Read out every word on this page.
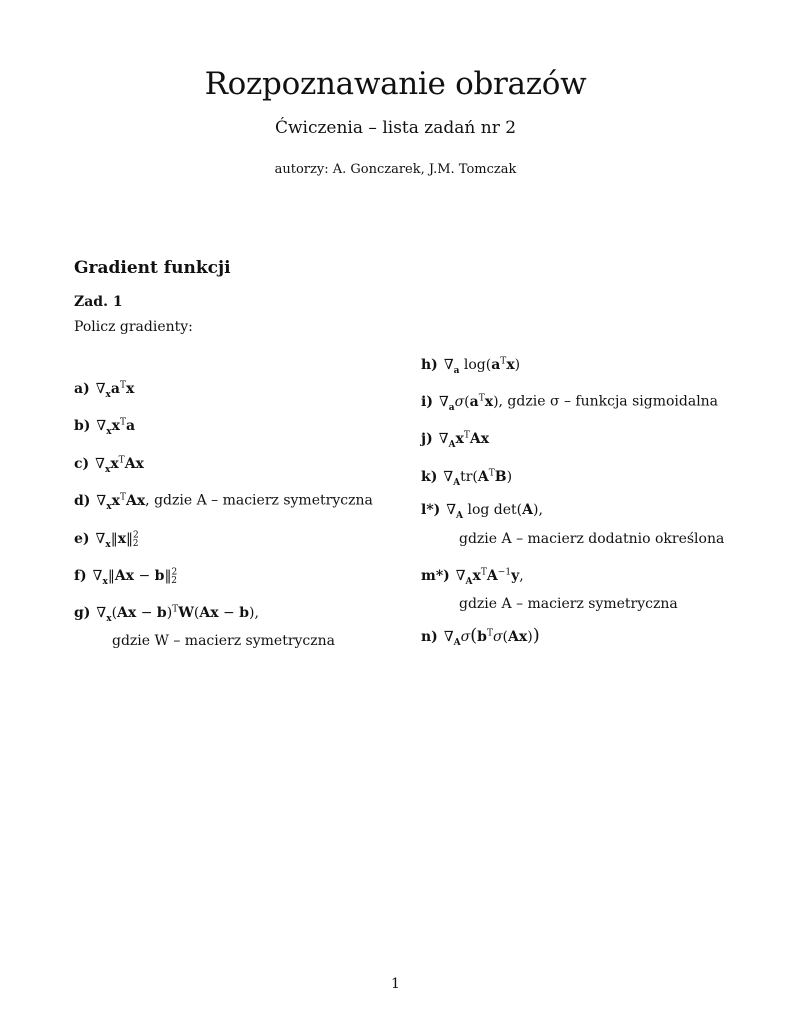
Rozpoznawanie obrazów
Ćwiczenia – lista zadań nr 2
autorzy: A. Gonczarek, J.M. Tomczak
Gradient funkcji
Zad. 1
Policz gradienty:
a) $\nabla_xa^Tx$
b) $\nabla_xx^Ta$
c) $\nabla_xx^TAx$
d) $\nabla_xx^TAx$, gdzie A – macierz symetryczna
e) $\nabla_x‖x‖^2_2$
f) $\nabla_x‖Ax$ − b‖$^2_2$
g) $\nabla_x(Ax - b)^TW(Ax - b)$,
gdzie W – macierz symetryczna
h) $\nabla_a$ $\log(a^Tx)$
i) $\nabla_a\sigma(a^Tx)$, gdzie σ – funkcja sigmoidalna
j) $\nabla_Ax^TAx$
k) $\nabla_Atr(A^TB)$
l*) $\nabla_A$ log det(A),
gdzie A – macierz dodatnio określona
m*) $\nabla_Ax^TA^{-1}y$,
gdzie A – macierz symetryczna
n) $\nabla_A\sigma(b^T\sigma(Ax))$
1
